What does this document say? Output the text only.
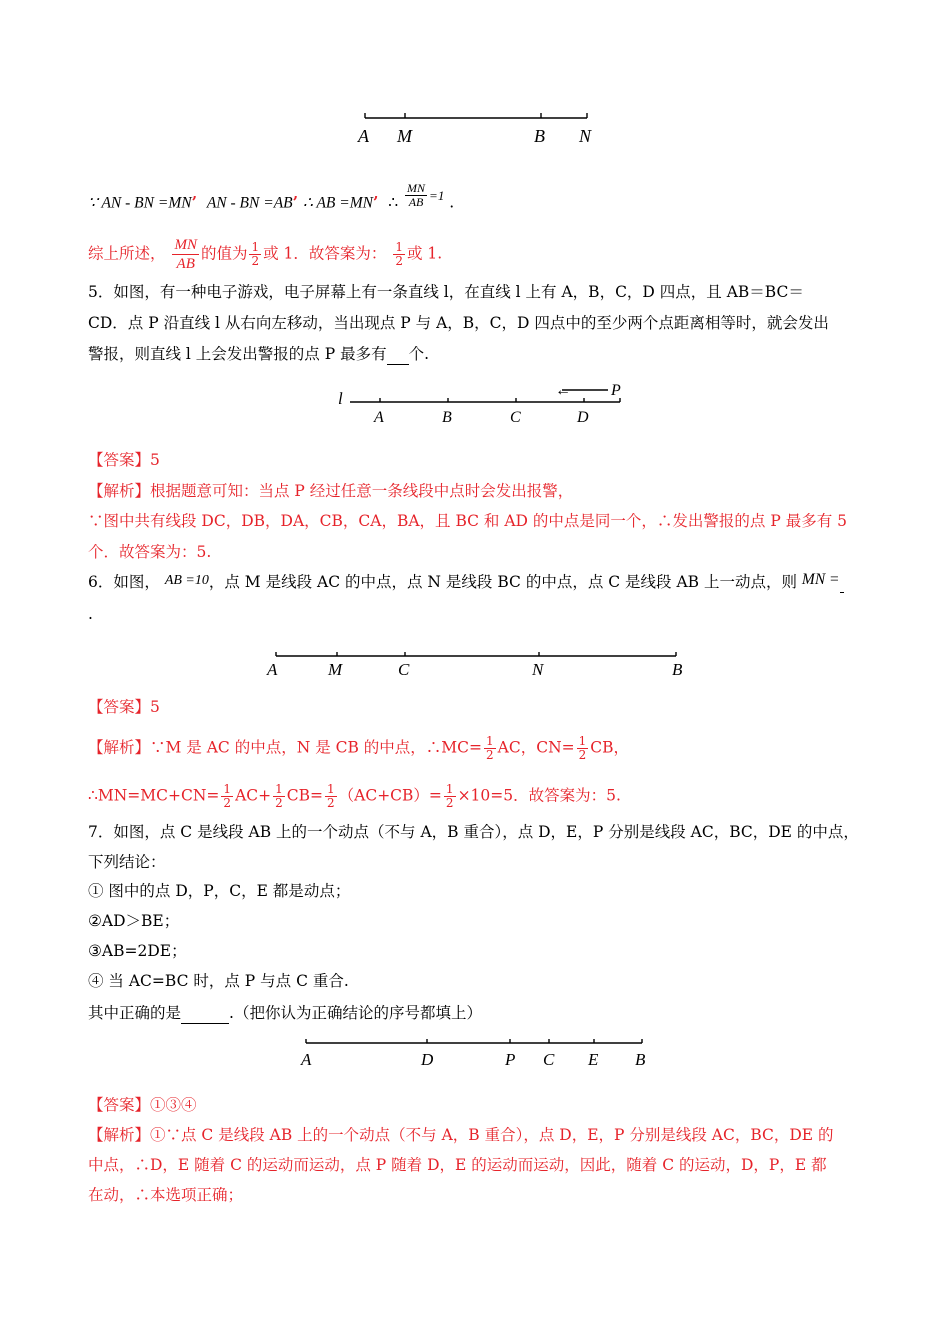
A M	B N
∵ AN - BN =MN’ AN - BN =AB’ ∴ AB =MN’ ∴ $\frac{MN}{AB} ^{=1}$ .
综上所述， $\frac{MN}{AB}$ 的值为 $\frac{1}{2}$ 或 1．故答案为： $\frac{1}{2}$ 或 1.
5．如图，有一种电子游戏，电子屏幕上有一条直线 l，在直线 l 上有 A，B，C，D 四点，且 AB＝BC＝
CD．点 P 沿直线 l 从右向左移动，当出现点 P 与 A，B，C，D 四点中的至少两个点距离相等时，就会发出
警报，则直线 l 上会发出警报的点 P 最多有 个.
l	←	P
A	B	C	D
【答案】5
【解析】根据题意可知：当点 P 经过任意一条线段中点时会发出报警，
∵图中共有线段 DC，DB，DA，CB，CA，BA，且 BC 和 AD 的中点是同一个，∴发出警报的点 P 最多有 5
个．故答案为：5.
6．如图， AB =10，点 M 是线段 AC 的中点，点 N 是线段 BC 的中点，点 C 是线段 AB 上一动点，则 MN =
.
A	M	C	N	B
【答案】5
【解析】∵M 是 AC 的中点，N 是 CB 的中点，∴MC= $\frac{1}{2}$ AC，$CN= \frac{1}{2}$ CB，
∴MN=MC+CN= $\frac{1}{2} AC+ \frac{1}{2} CB= \frac{1}{2} (AC+CB)= \frac{1}{2} \times 10=5$．故答案为：5.
7．如图，点 C 是线段 AB 上的一个动点（不与 A，B 重合），点 D，E，P 分别是线段 AC，BC，DE 的中点，
下列结论：
① 图中的点 D，P，C，E 都是动点；
②AD＞BE；
③AB=2DE；
④ 当 AC=BC 时，点 P 与点 C 重合.
其中正确的是	.（把你认为正确结论的序号都填上）
A	D	P C E B
【答案】①③④
【解析】①∵点 C 是线段 AB 上的一个动点（不与 A，B 重合），点 D，E，P 分别是线段 AC，BC，DE 的
中点，∴D，E 随着 C 的运动而运动，点 P 随着 D，E 的运动而运动，因此，随着 C 的运动，D，P，E 都
在动，∴本选项正确；
